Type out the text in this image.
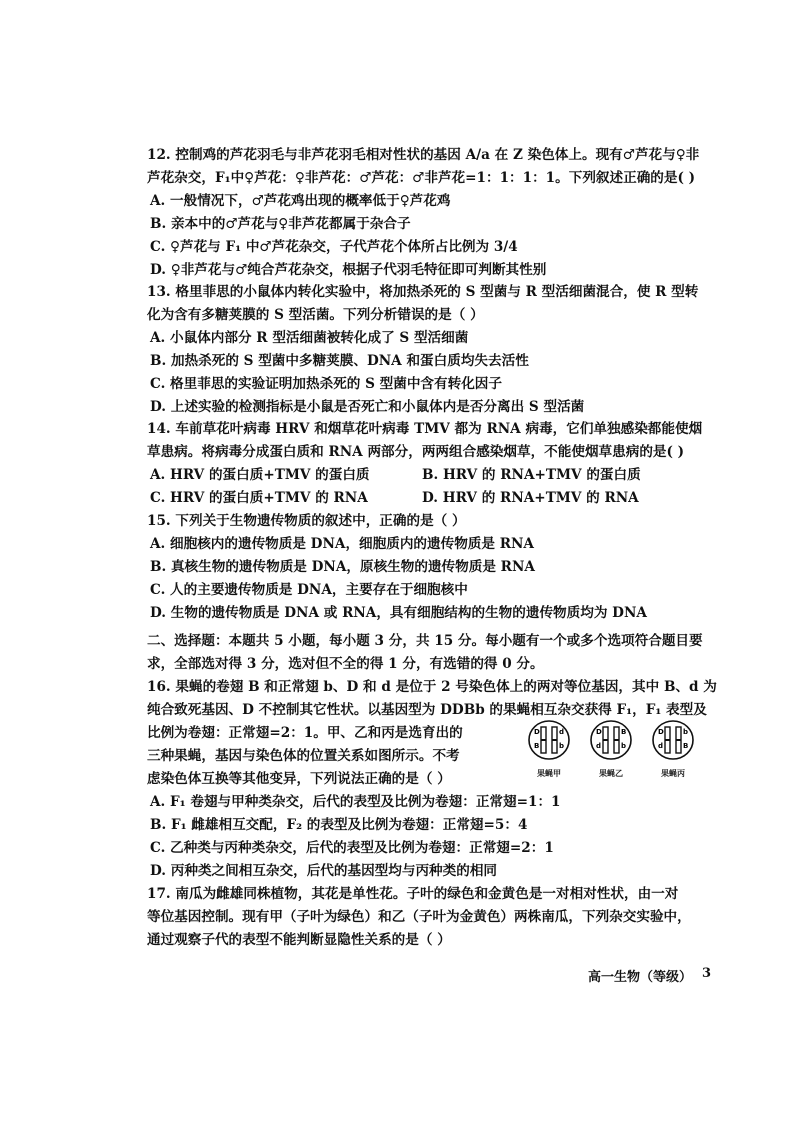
12. 控制鸡的芦花羽毛与非芦花羽毛相对性状的基因 A/a 在 Z 染色体上。现有♂芦花与♀非
芦花杂交，F₁中♀芦花：♀非芦花：♂芦花：♂非芦花=1：1：1：1。下列叙述正确的是( )
A. 一般情况下，♂芦花鸡出现的概率低于♀芦花鸡
B. 亲本中的♂芦花与♀非芦花都属于杂合子
C. ♀芦花与 F₁ 中♂芦花杂交，子代芦花个体所占比例为 3/4
D. ♀非芦花与♂纯合芦花杂交，根据子代羽毛特征即可判断其性别
13. 格里菲思的小鼠体内转化实验中，将加热杀死的 S 型菌与 R 型活细菌混合，使 R 型转
化为含有多糖荚膜的 S 型活菌。下列分析错误的是（ ）
A. 小鼠体内部分 R 型活细菌被转化成了 S 型活细菌
B. 加热杀死的 S 型菌中多糖荚膜、DNA 和蛋白质均失去活性
C. 格里菲思的实验证明加热杀死的 S 型菌中含有转化因子
D. 上述实验的检测指标是小鼠是否死亡和小鼠体内是否分离出 S 型活菌
14. 车前草花叶病毒 HRV 和烟草花叶病毒 TMV 都为 RNA 病毒，它们单独感染都能使烟
草患病。将病毒分成蛋白质和 RNA 两部分，两两组合感染烟草，不能使烟草患病的是( )
A. HRV 的蛋白质+TMV 的蛋白质	B. HRV 的 RNA+TMV 的蛋白质
C. HRV 的蛋白质+TMV 的 RNA	D. HRV 的 RNA+TMV 的 RNA
15. 下列关于生物遗传物质的叙述中，正确的是（ ）
A. 细胞核内的遗传物质是 DNA，细胞质内的遗传物质是 RNA
B. 真核生物的遗传物质是 DNA，原核生物的遗传物质是 RNA
C. 人的主要遗传物质是 DNA，主要存在于细胞核中
D. 生物的遗传物质是 DNA 或 RNA，具有细胞结构的生物的遗传物质均为 DNA
二、选择题：本题共 5 小题，每小题 3 分，共 15 分。每小题有一个或多个选项符合题目要
求，全部选对得 3 分，选对但不全的得 1 分，有选错的得 0 分。
16. 果蝇的卷翅 B 和正常翅 b、D 和 d 是位于 2 号染色体上的两对等位基因，其中 B、d 为
纯合致死基因、D 不控制其它性状。以基因型为 DDBb 的果蝇相互杂交获得 F₁，F₁ 表型及
比例为卷翅：正常翅=2：1。甲、乙和丙是选育出的
三种果蝇，基因与染色体的位置关系如图所示。不考
虑染色体互换等其他变异，下列说法正确的是（ ）
D
B
d
b
果蝇甲
D	B
d	b
果蝇乙
D
B
d
b
果蝇丙
A. F₁ 卷翅与甲种类杂交，后代的表型及比例为卷翅：正常翅=1：1
B. F₁ 雌雄相互交配，F₂ 的表型及比例为卷翅：正常翅=5：4
C. 乙种类与丙种类杂交，后代的表型及比例为卷翅：正常翅=2：1
D. 丙种类之间相互杂交，后代的基因型均与丙种类的相同
17. 南瓜为雌雄同株植物，其花是单性花。子叶的绿色和金黄色是一对相对性状，由一对
等位基因控制。现有甲（子叶为绿色）和乙（子叶为金黄色）两株南瓜，下列杂交实验中，
通过观察子代的表型不能判断显隐性关系的是（ ）
高一生物（等级） 3
